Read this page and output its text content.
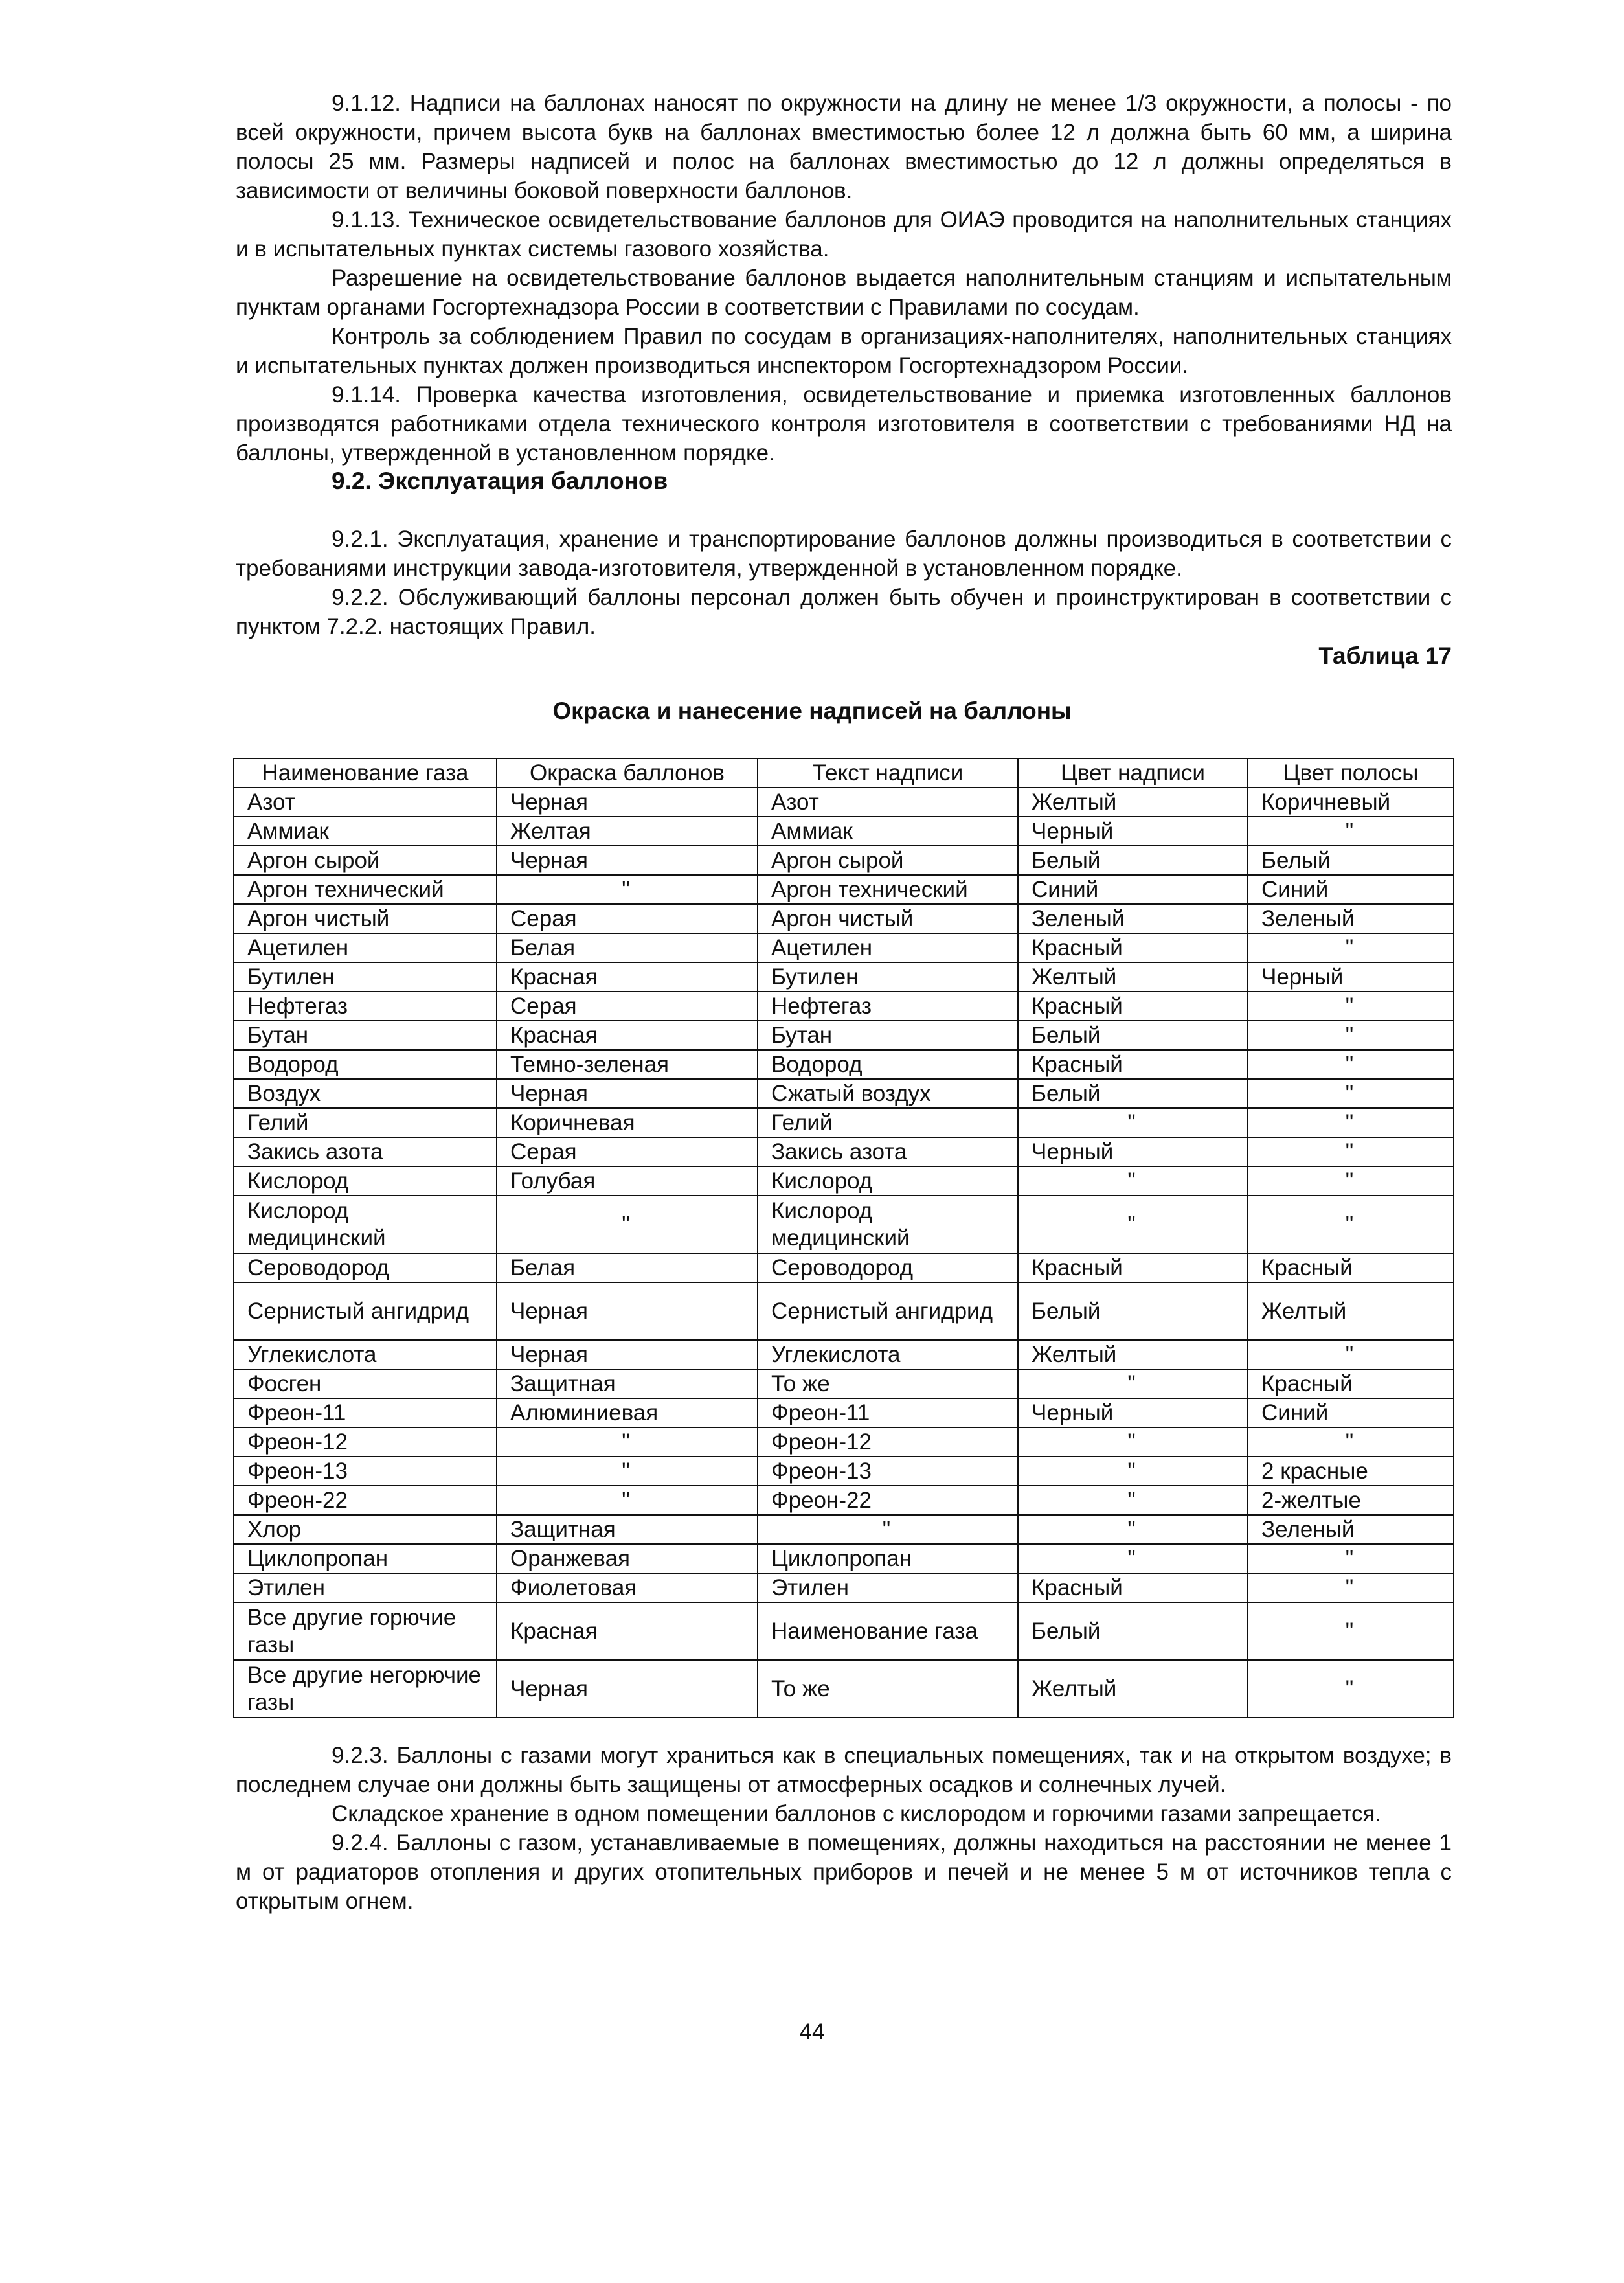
9.1.12. Надписи на баллонах наносят по окружности на длину не менее 1/3 окружности, а полосы - по всей окружности, причем высота букв на баллонах вместимостью более 12 л должна быть 60 мм, а ширина полосы 25 мм. Размеры надписей и полос на баллонах вместимостью до 12 л должны определяться в зависимости от величины боковой поверхности баллонов.

9.1.13. Техническое освидетельствование баллонов для ОИАЭ проводится на наполнительных станциях и в испытательных пунктах системы газового хозяйства.

Разрешение на освидетельствование баллонов выдается наполнительным станциям и испытательным пунктам органами Госгортехнадзора России в соответствии с Правилами по сосудам.

Контроль за соблюдением Правил по сосудам в организациях-наполнителях, наполнительных станциях и испытательных пунктах должен производиться инспектором Госгортехнадзором России.

9.1.14. Проверка качества изготовления, освидетельствование и приемка изготовленных баллонов производятся работниками отдела технического контроля изготовителя в соответствии с требованиями НД на баллоны, утвержденной в установленном порядке.

9.2. Эксплуатация баллонов

9.2.1. Эксплуатация, хранение и транспортирование баллонов должны производиться в соответствии с требованиями инструкции завода-изготовителя, утвержденной в установленном порядке.

9.2.2. Обслуживающий баллоны персонал должен быть обучен и проинструктирован в соответствии с пунктом 7.2.2. настоящих Правил.

Таблица 17
Окраска и нанесение надписей на баллоны
Наименование газа	Окраска баллонов	Текст надписи	Цвет надписи	Цвет полосы
Азот	Черная	Азот	Желтый	Коричневый
Аммиак	Желтая	Аммиак	Черный	"
Аргон сырой	Черная	Аргон сырой	Белый	Белый
Аргон технический	"	Аргон технический	Синий	Синий
Аргон чистый	Серая	Аргон чистый	Зеленый	Зеленый
Ацетилен	Белая	Ацетилен	Красный	"
Бутилен	Красная	Бутилен	Желтый	Черный
Нефтегаз	Серая	Нефтегаз	Красный	"
Бутан	Красная	Бутан	Белый	"
Водород	Темно-зеленая	Водород	Красный	"
Воздух	Черная	Сжатый воздух	Белый	"
Гелий	Коричневая	Гелий	"	"
Закись азота	Серая	Закись азота	Черный	"
Кислород	Голубая	Кислород	"	"
Кислород медицинский	"	Кислород медицинский	"	"
Сероводород	Белая	Сероводород	Красный	Красный
Сернистый ангидрид	Черная	Сернистый ангидрид	Белый	Желтый
Углекислота	Черная	Углекислота	Желтый	"
Фосген	Защитная	То же	"	Красный
Фреон-11	Алюминиевая	Фреон-11	Черный	Синий
Фреон-12	"	Фреон-12	"	"
Фреон-13	"	Фреон-13	"	2 красные
Фреон-22	"	Фреон-22	"	2-желтые
Хлор	Защитная	"	"	Зеленый
Циклопропан	Оранжевая	Циклопропан	"	"
Этилен	Фиолетовая	Этилен	Красный	"
Все другие горючие газы	Красная	Наименование газа	Белый	"
Все другие негорючие газы	Черная	То же	Желтый	"

9.2.3. Баллоны с газами могут храниться как в специальных помещениях, так и на открытом воздухе; в последнем случае они должны быть защищены от атмосферных осадков и солнечных лучей.

Складское хранение в одном помещении баллонов с кислородом и горючими газами запрещается.

9.2.4. Баллоны с газом, устанавливаемые в помещениях, должны находиться на расстоянии не менее 1 м от радиаторов отопления и других отопительных приборов и печей и не менее 5 м от источников тепла с открытым огнем.

44
